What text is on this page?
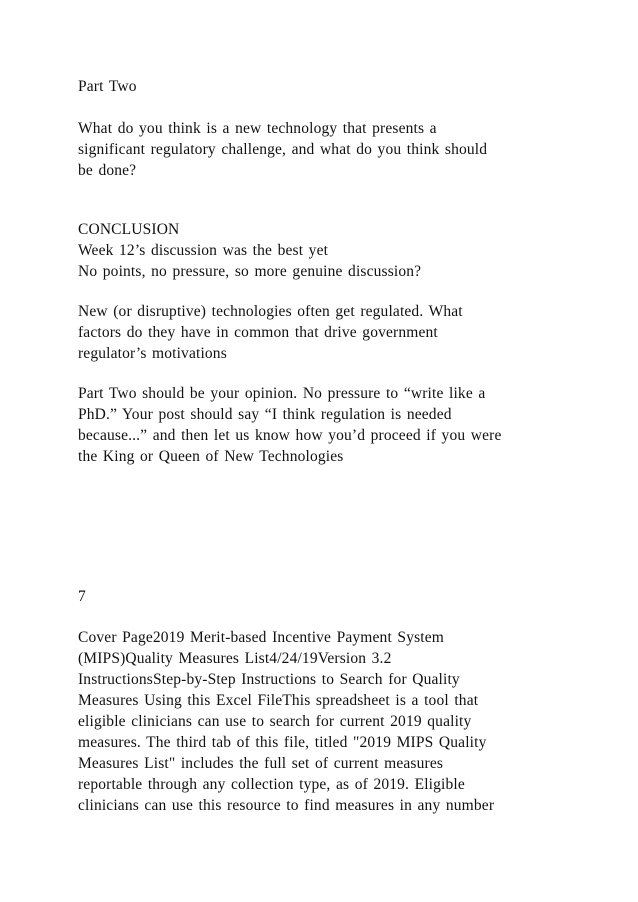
Part Two
What do you think is a new technology that presents a
significant regulatory challenge, and what do you think should
be done?
CONCLUSION
Week 12’s discussion was the best yet
No points, no pressure, so more genuine discussion?
New (or disruptive) technologies often get regulated. What
factors do they have in common that drive government
regulator’s motivations
Part Two should be your opinion. No pressure to “write like a
PhD.” Your post should say “I think regulation is needed
because...” and then let us know how you’d proceed if you were
the King or Queen of New Technologies
7
Cover Page2019 Merit-based Incentive Payment System
(MIPS)Quality Measures List4/24/19Version 3.2
InstructionsStep-by-Step Instructions to Search for Quality
Measures Using this Excel FileThis spreadsheet is a tool that
eligible clinicians can use to search for current 2019 quality
measures. The third tab of this file, titled "2019 MIPS Quality
Measures List" includes the full set of current measures
reportable through any collection type, as of 2019. Eligible
clinicians can use this resource to find measures in any number
